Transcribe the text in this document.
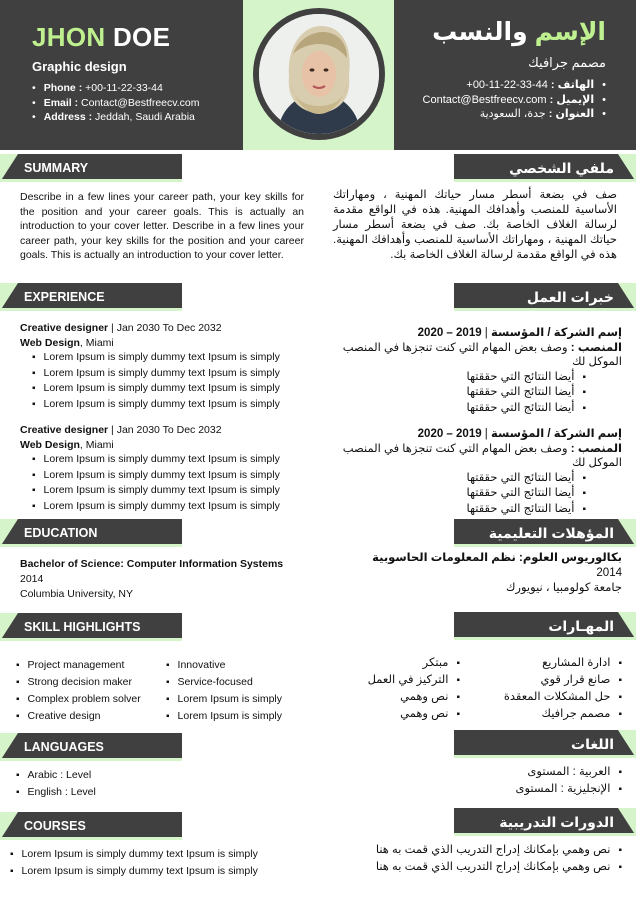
JHON DOE
Graphic design
• Phone : +00-11-22-33-44
• Email : Contact@Bestfreecv.com
• Address : Jeddah, Saudi Arabia
الإسم والنسب
مصمم جرافيك
• الهاتف : +00-11-22-33-44
• الإيميل : Contact@Bestfreecv.com
• العنوان : جدة، السعودية
SUMMARY	ملفي الشخصي
Describe in a few lines your career path, your key skills for the position and your career goals. This is actually an introduction to your cover letter. Describe in a few lines your career path, your key skills for the position and your career goals. This is actually an introduction to your cover letter.
صف في بضعة أسطر مسار حياتك المهنية ، ومهاراتك الأساسية للمنصب وأهدافك المهنية. هذه في الواقع مقدمة لرسالة الغلاف الخاصة بك. صف في بضعة أسطر مسار حياتك المهنية ، ومهاراتك الأساسية للمنصب وأهدافك المهنية. هذه في الواقع مقدمة لرسالة الغلاف الخاصة بك.
EXPERIENCE	خبرات العمل
Creative designer | Jan 2030 To Dec 2032
Web Design, Miami
▪ Lorem Ipsum is simply dummy text Ipsum is simply
▪ Lorem Ipsum is simply dummy text Ipsum is simply
▪ Lorem Ipsum is simply dummy text Ipsum is simply
▪ Lorem Ipsum is simply dummy text Ipsum is simply
Creative designer | Jan 2030 To Dec 2032
Web Design, Miami
▪ Lorem Ipsum is simply dummy text Ipsum is simply
▪ Lorem Ipsum is simply dummy text Ipsum is simply
▪ Lorem Ipsum is simply dummy text Ipsum is simply
▪ Lorem Ipsum is simply dummy text Ipsum is simply
إسم الشركة / المؤسسة | 2020 – 2019
المنصب : وصف بعض المهام التي كنت تنجزها في المنصب الموكل لك
▪ أيضا النتائج التي حققتها
▪ أيضا النتائج التي حققتها
▪ أيضا النتائج التي حققتها
إسم الشركة / المؤسسة | 2020 – 2019
المنصب : وصف بعض المهام التي كنت تنجزها في المنصب الموكل لك
▪ أيضا النتائج التي حققتها
▪ أيضا النتائج التي حققتها
▪ أيضا النتائج التي حققتها
EDUCATION	المؤهلات التعليمية
Bachelor of Science: Computer Information Systems
2014
Columbia University, NY
بكالوريوس العلوم: نظم المعلومات الحاسوبية
2014
جامعة كولومبيا ، نيويورك
SKILL HIGHLIGHTS	المهـارات
▪ Project management
▪ Strong decision maker
▪ Complex problem solver
▪ Creative design
▪ Innovative
▪ Service-focused
▪ Lorem Ipsum is simply
▪ Lorem Ipsum is simply
▪ ادارة المشاريع
▪ صانع قرار قوي
▪ حل المشكلات المعقدة
▪ مصمم جرافيك
▪ مبتكر
▪ التركيز في العمل
▪ نص وهمي
▪ نص وهمي
LANGUAGES	اللغات
▪ Arabic : Level
▪ English : Level
▪ العربية : المستوى
▪ الإنجليزية : المستوى
COURSES	الدورات التدريبية
▪ Lorem Ipsum is simply dummy text Ipsum is simply
▪ Lorem Ipsum is simply dummy text Ipsum is simply
▪ نص وهمي بإمكانك إدراج التدريب الذي قمت به هنا
▪ نص وهمي بإمكانك إدراج التدريب الذي قمت به هنا
